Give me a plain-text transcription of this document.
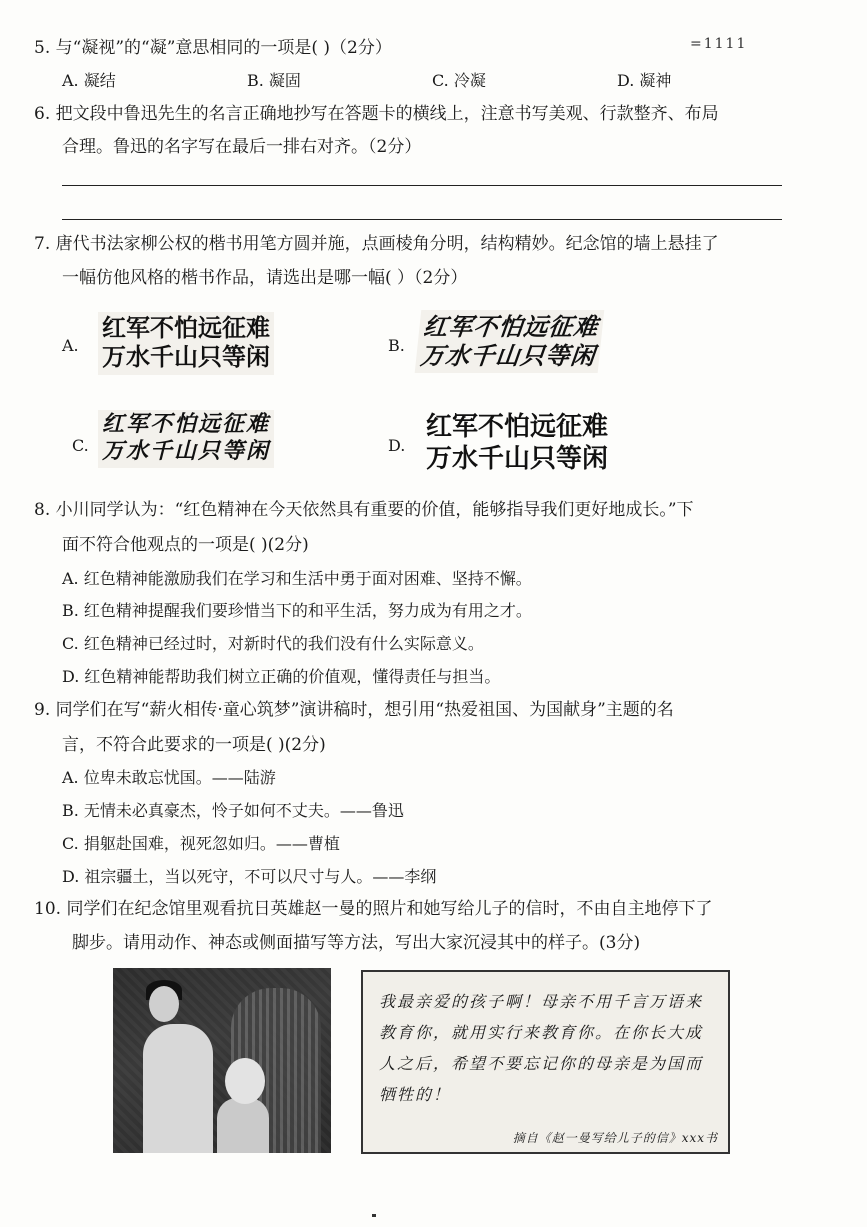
=1111
5. 与“凝视”的“凝”意思相同的一项是( )（2分）
A. 凝结	B. 凝固	C. 冷凝	D. 凝神
6. 把文段中鲁迅先生的名言正确地抄写在答题卡的横线上，注意书写美观、行款整齐、布局
合理。鲁迅的名字写在最后一排右对齐。（2分）
7. 唐代书法家柳公权的楷书用笔方圆并施，点画棱角分明，结构精妙。纪念馆的墙上悬挂了
一幅仿他风格的楷书作品，请选出是哪一幅( ）（2分）
A.
红军不怕远征难
万水千山只等闲	B.
红军不怕远征难
万水千山只等闲
C.
红军不怕远征难
万水千山只等闲	D.
红军不怕远征难
万水千山只等闲
8. 小川同学认为：“红色精神在今天依然具有重要的价值，能够指导我们更好地成长。”下
面不符合他观点的一项是( )(2分)
A. 红色精神能激励我们在学习和生活中勇于面对困难、坚持不懈。
B. 红色精神提醒我们要珍惜当下的和平生活，努力成为有用之才。
C. 红色精神已经过时，对新时代的我们没有什么实际意义。
D. 红色精神能帮助我们树立正确的价值观，懂得责任与担当。
9. 同学们在写“薪火相传·童心筑梦”演讲稿时，想引用“热爱祖国、为国献身”主题的名
言，不符合此要求的一项是( )(2分)
A. 位卑未敢忘忧国。——陆游
B. 无情未必真豪杰，怜子如何不丈夫。——鲁迅
C. 捐躯赴国难，视死忽如归。——曹植
D. 祖宗疆土，当以死守，不可以尺寸与人。——李纲
10. 同学们在纪念馆里观看抗日英雄赵一曼的照片和她写给儿子的信时，不由自主地停下了
脚步。请用动作、神态或侧面描写等方法，写出大家沉浸其中的样子。(3分)
我最亲爱的孩子啊！母亲不用千言万语来教育你，就用实行来教育你。在你长大成人之后，希望不要忘记你的母亲是为国而牺牲的！
摘自《赵一曼写给儿子的信》xxx书
